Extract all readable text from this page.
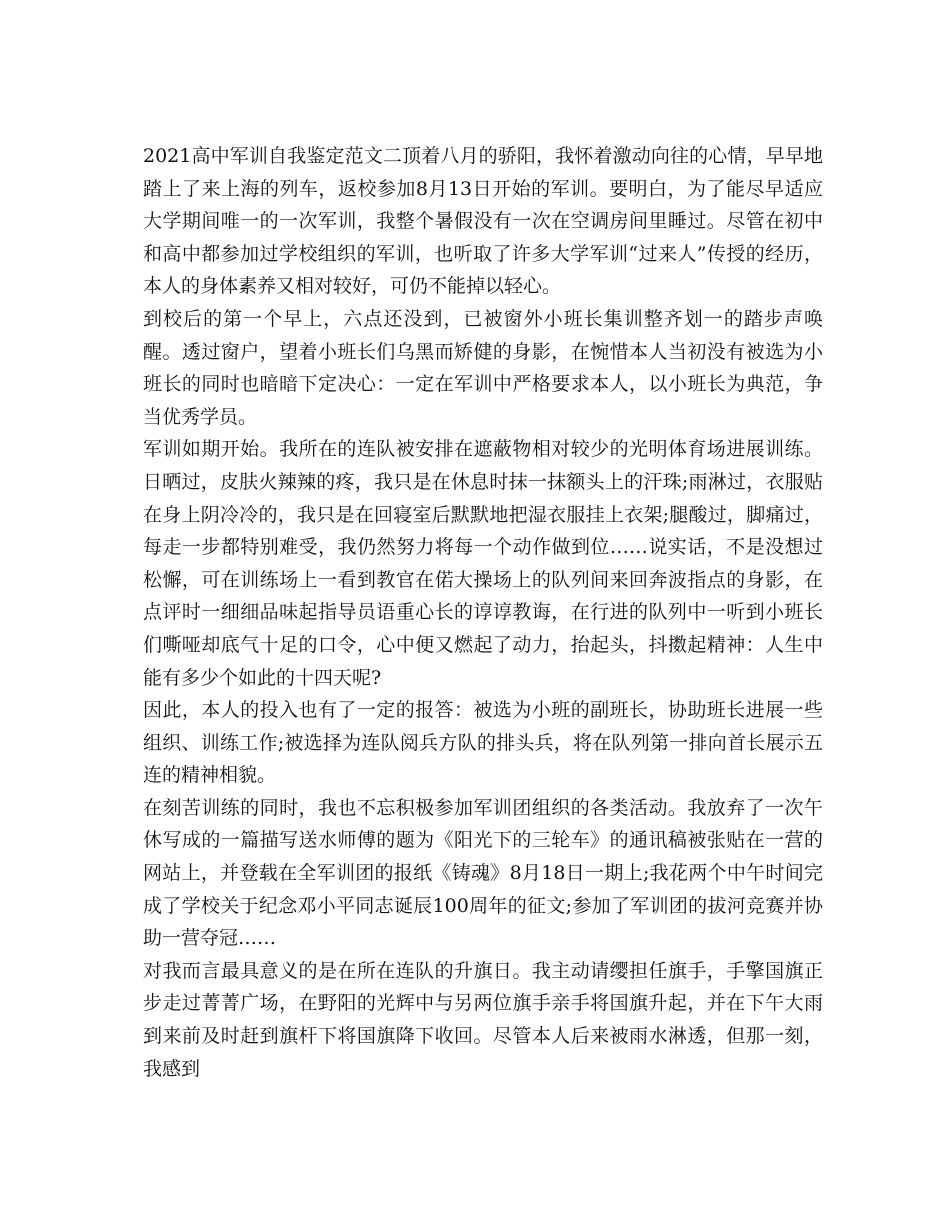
2021高中军训自我鉴定范文二顶着八月的骄阳，我怀着激动向往的心情，早早地踏上了来上海的列车，返校参加8月13日开始的军训。要明白，为了能尽早适应大学期间唯一的一次军训，我整个暑假没有一次在空调房间里睡过。尽管在初中和高中都参加过学校组织的军训，也听取了许多大学军训“过来人”传授的经历，本人的身体素养又相对较好，可仍不能掉以轻心。

到校后的第一个早上，六点还没到，已被窗外小班长集训整齐划一的踏步声唤醒。透过窗户，望着小班长们乌黑而矫健的身影，在惋惜本人当初没有被选为小班长的同时也暗暗下定决心：一定在军训中严格要求本人，以小班长为典范，争当优秀学员。

军训如期开始。我所在的连队被安排在遮蔽物相对较少的光明体育场进展训练。日晒过，皮肤火辣辣的疼，我只是在休息时抹一抹额头上的汗珠;雨淋过，衣服贴在身上阴冷冷的，我只是在回寝室后默默地把湿衣服挂上衣架;腿酸过，脚痛过，每走一步都特别难受，我仍然努力将每一个动作做到位……说实话，不是没想过松懈，可在训练场上一看到教官在偌大操场上的队列间来回奔波指点的身影，在点评时一细细品味起指导员语重心长的谆谆教诲，在行进的队列中一听到小班长们嘶哑却底气十足的口令，心中便又燃起了动力，抬起头，抖擞起精神：人生中能有多少个如此的十四天呢?

因此，本人的投入也有了一定的报答：被选为小班的副班长，协助班长进展一些组织、训练工作;被选择为连队阅兵方队的排头兵，将在队列第一排向首长展示五连的精神相貌。

在刻苦训练的同时，我也不忘积极参加军训团组织的各类活动。我放弃了一次午休写成的一篇描写送水师傅的题为《阳光下的三轮车》的通讯稿被张贴在一营的网站上，并登载在全军训团的报纸《铸魂》8月18日一期上;我花两个中午时间完成了学校关于纪念邓小平同志诞辰100周年的征文;参加了军训团的拔河竞赛并协助一营夺冠……

对我而言最具意义的是在所在连队的升旗日。我主动请缨担任旗手，手擎国旗正步走过菁菁广场，在野阳的光辉中与另两位旗手亲手将国旗升起，并在下午大雨到来前及时赶到旗杆下将国旗降下收回。尽管本人后来被雨水淋透，但那一刻，我感到
